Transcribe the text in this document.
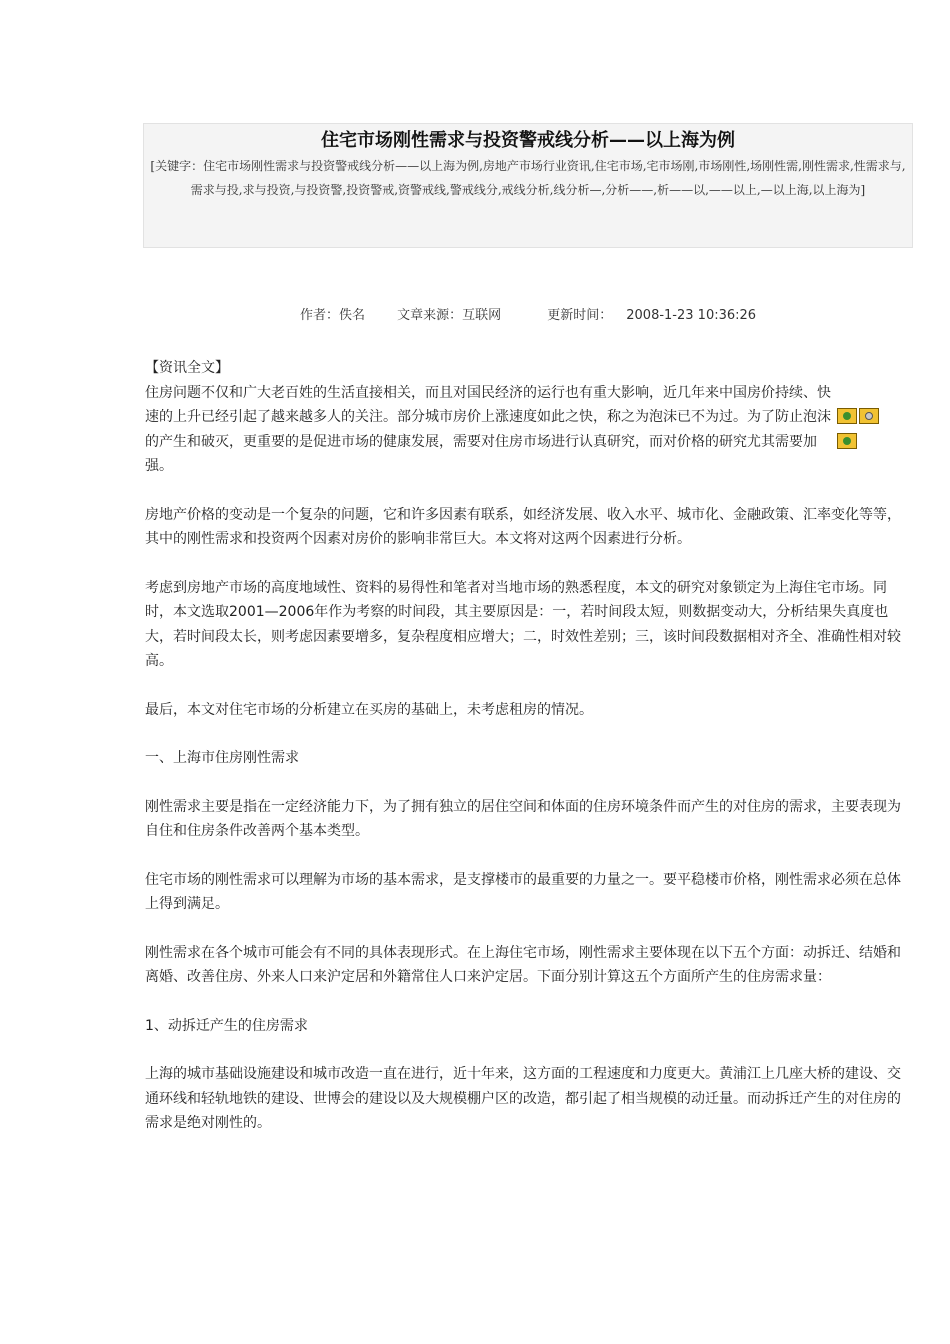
住宅市场刚性需求与投资警戒线分析——以上海为例

[关键字：住宅市场刚性需求与投资警戒线分析——以上海为例,房地产市场行业资讯,住宅市场,宅市场刚,市场刚性,场刚性需,刚性需求,性需求与,需求与投,求与投资,与投资警,投资警戒,资警戒线,警戒线分,戒线分析,线分析—,分析——,析——以,——以上,—以上海,以上海为]

作者：佚名 文章来源：互联网	更新时间： 2008-1-23 10:36:26
【资讯全文】

住房问题不仅和广大老百姓的生活直接相关，而且对国民经济的运行也有重大影响，近几年来中国房价持续、快速的上升已经引起了越来越多人的关注。部分城市房价上涨速度如此之快，称之为泡沫已不为过。为了防止泡沫的产生和破灭，更重要的是促进市场的健康发展，需要对住房市场进行认真研究，而对价格的研究尤其需要加强。

房地产价格的变动是一个复杂的问题，它和许多因素有联系，如经济发展、收入水平、城市化、金融政策、汇率变化等等，其中的刚性需求和投资两个因素对房价的影响非常巨大。本文将对这两个因素进行分析。

考虑到房地产市场的高度地域性、资料的易得性和笔者对当地市场的熟悉程度，本文的研究对象锁定为上海住宅市场。同时，本文选取2001—2006年作为考察的时间段，其主要原因是：一，若时间段太短，则数据变动大，分析结果失真度也大，若时间段太长，则考虑因素要增多，复杂程度相应增大；二，时效性差别；三，该时间段数据相对齐全、准确性相对较高。

最后，本文对住宅市场的分析建立在买房的基础上，未考虑租房的情况。

一、上海市住房刚性需求

刚性需求主要是指在一定经济能力下，为了拥有独立的居住空间和体面的住房环境条件而产生的对住房的需求，主要表现为自住和住房条件改善两个基本类型。

住宅市场的刚性需求可以理解为市场的基本需求，是支撑楼市的最重要的力量之一。要平稳楼市价格，刚性需求必须在总体上得到满足。

刚性需求在各个城市可能会有不同的具体表现形式。在上海住宅市场，刚性需求主要体现在以下五个方面：动拆迁、结婚和离婚、改善住房、外来人口来沪定居和外籍常住人口来沪定居。下面分别计算这五个方面所产生的住房需求量：

1、动拆迁产生的住房需求

上海的城市基础设施建设和城市改造一直在进行，近十年来，这方面的工程速度和力度更大。黄浦江上几座大桥的建设、交通环线和轻轨地铁的建设、世博会的建设以及大规模棚户区的改造，都引起了相当规模的动迁量。而动拆迁产生的对住房的需求是绝对刚性的。
